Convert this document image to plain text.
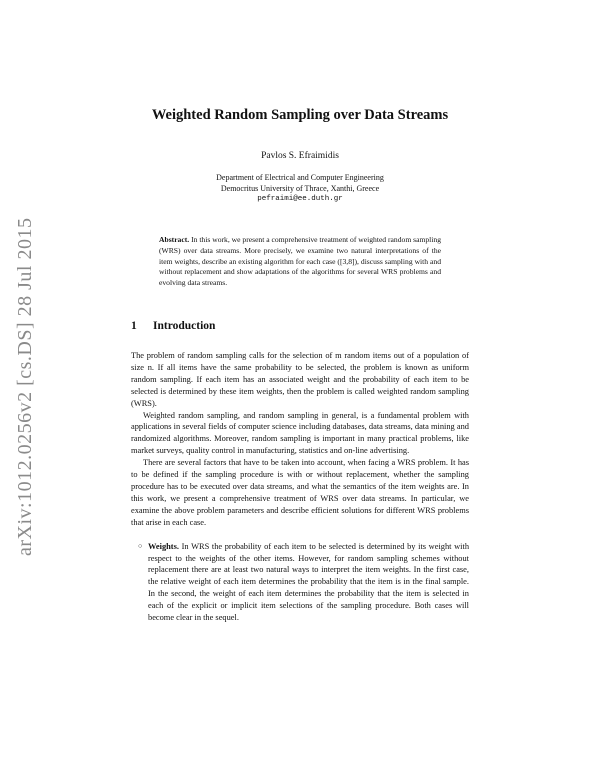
arXiv:1012.0256v2 [cs.DS] 28 Jul 2015
Weighted Random Sampling over Data Streams
Pavlos S. Efraimidis
Department of Electrical and Computer Engineering
Democritus University of Thrace, Xanthi, Greece
pefraimi@ee.duth.gr
Abstract. In this work, we present a comprehensive treatment of weighted random sampling (WRS) over data streams. More precisely, we examine two natural interpretations of the item weights, describe an existing algorithm for each case ([3,8]), discuss sampling with and without replacement and show adaptations of the algorithms for several WRS problems and evolving data streams.
1 Introduction

The problem of random sampling calls for the selection of m random items out of a population of size n. If all items have the same probability to be selected, the problem is known as uniform random sampling. If each item has an associated weight and the probability of each item to be selected is determined by these item weights, then the problem is called weighted random sampling (WRS).

Weighted random sampling, and random sampling in general, is a fundamental problem with applications in several fields of computer science including databases, data streams, data mining and randomized algorithms. Moreover, random sampling is important in many practical problems, like market surveys, quality control in manufacturing, statistics and on-line advertising.

There are several factors that have to be taken into account, when facing a WRS problem. It has to be defined if the sampling procedure is with or without replacement, whether the sampling procedure has to be executed over data streams, and what the semantics of the item weights are. In this work, we present a comprehensive treatment of WRS over data streams. In particular, we examine the above problem parameters and describe efficient solutions for different WRS problems that arise in each case.

○ Weights. In WRS the probability of each item to be selected is determined by its weight with respect to the weights of the other items. However, for random sampling schemes without replacement there are at least two natural ways to interpret the item weights. In the first case, the relative weight of each item determines the probability that the item is in the final sample. In the second, the weight of each item determines the probability that the item is selected in each of the explicit or implicit item selections of the sampling procedure. Both cases will become clear in the sequel.
